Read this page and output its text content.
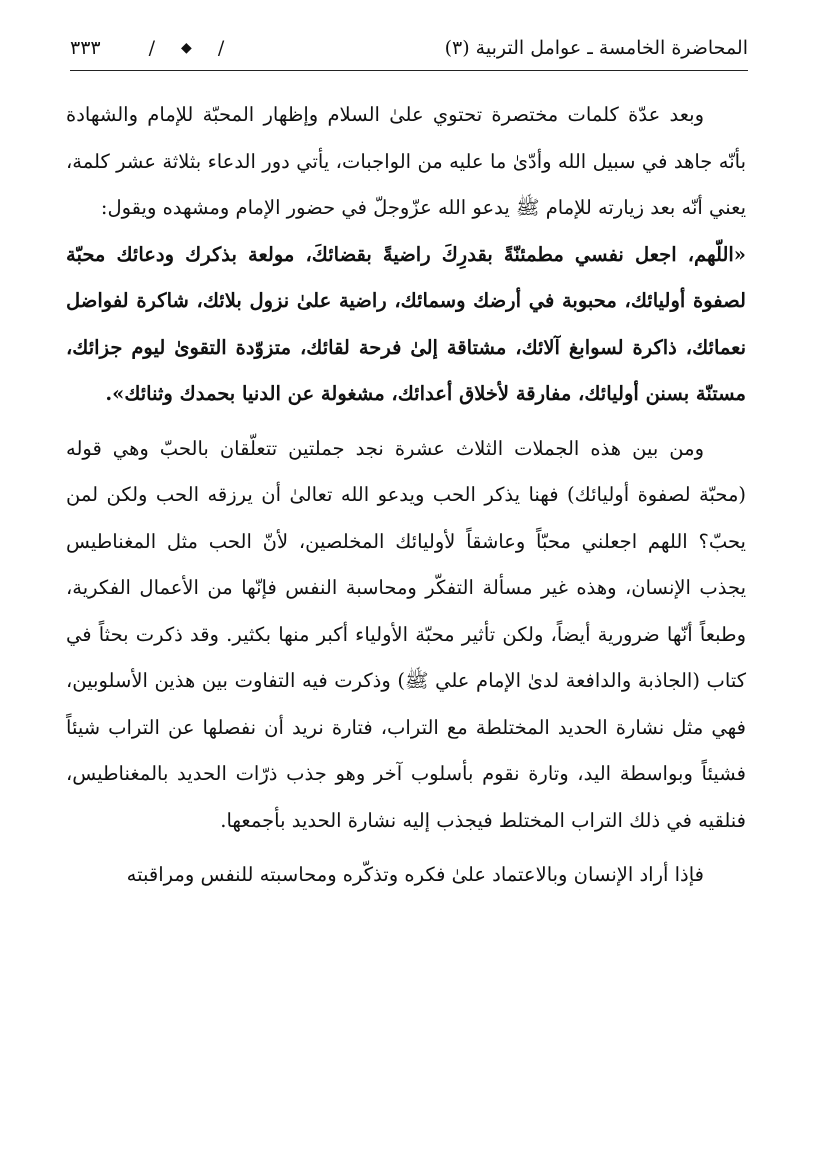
المحاضرة الخامسة ـ عوامل التربية (٣)
/
◆
/
٣٣٣

وبعد عدّة كلمات مختصرة تحتوي علىٰ السلام وإظهار المحبّة للإمام والشهادة بأنّه جاهد في سبيل الله وأدّىٰ ما عليه من الواجبات، يأتي دور الدعاء بثلاثة عشر كلمة، يعني أنّه بعد زيارته للإمام ﷺ يدعو الله عزّوجلّ في حضور الإمام ومشهده ويقول:

«اللّهم، اجعل نفسي مطمئنّةً بقدرِكَ راضيةً بقضائكَ، مولعة بذكرك ودعائك محبّة لصفوة أوليائك، محبوبة في أرضك وسمائك، راضية علىٰ نزول بلائك، شاكرة لفواضل نعمائك، ذاكرة لسوابغ آلائك، مشتاقة إلىٰ فرحة لقائك، متزوّدة التقوىٰ ليوم جزائك، مستنّة بسنن أوليائك، مفارقة لأخلاق أعدائك، مشغولة عن الدنيا بحمدك وثنائك».

ومن بين هذه الجملات الثلاث عشرة نجد جملتين تتعلّقان بالحبّ وهي قوله (محبّة لصفوة أوليائك) فهنا يذكر الحب ويدعو الله تعالىٰ أن يرزقه الحب ولكن لمن يحبّ؟ اللهم اجعلني محبّاً وعاشقاً لأوليائك المخلصين، لأنّ الحب مثل المغناطيس يجذب الإنسان، وهذه غير مسألة التفكّر ومحاسبة النفس فإنّها من الأعمال الفكرية، وطبعاً أنّها ضرورية أيضاً، ولكن تأثير محبّة الأولياء أكبر منها بكثير. وقد ذكرت بحثاً في كتاب (الجاذبة والدافعة لدىٰ الإمام علي ﷺ) وذكرت فيه التفاوت بين هذين الأسلوبين، فهي مثل نشارة الحديد المختلطة مع التراب، فتارة نريد أن نفصلها عن التراب شيئاً فشيئاً وبواسطة اليد، وتارة نقوم بأسلوب آخر وهو جذب ذرّات الحديد بالمغناطيس، فنلقيه في ذلك التراب المختلط فيجذب إليه نشارة الحديد بأجمعها.

فإذا أراد الإنسان وبالاعتماد علىٰ فكره وتذكّره ومحاسبته للنفس ومراقبته
